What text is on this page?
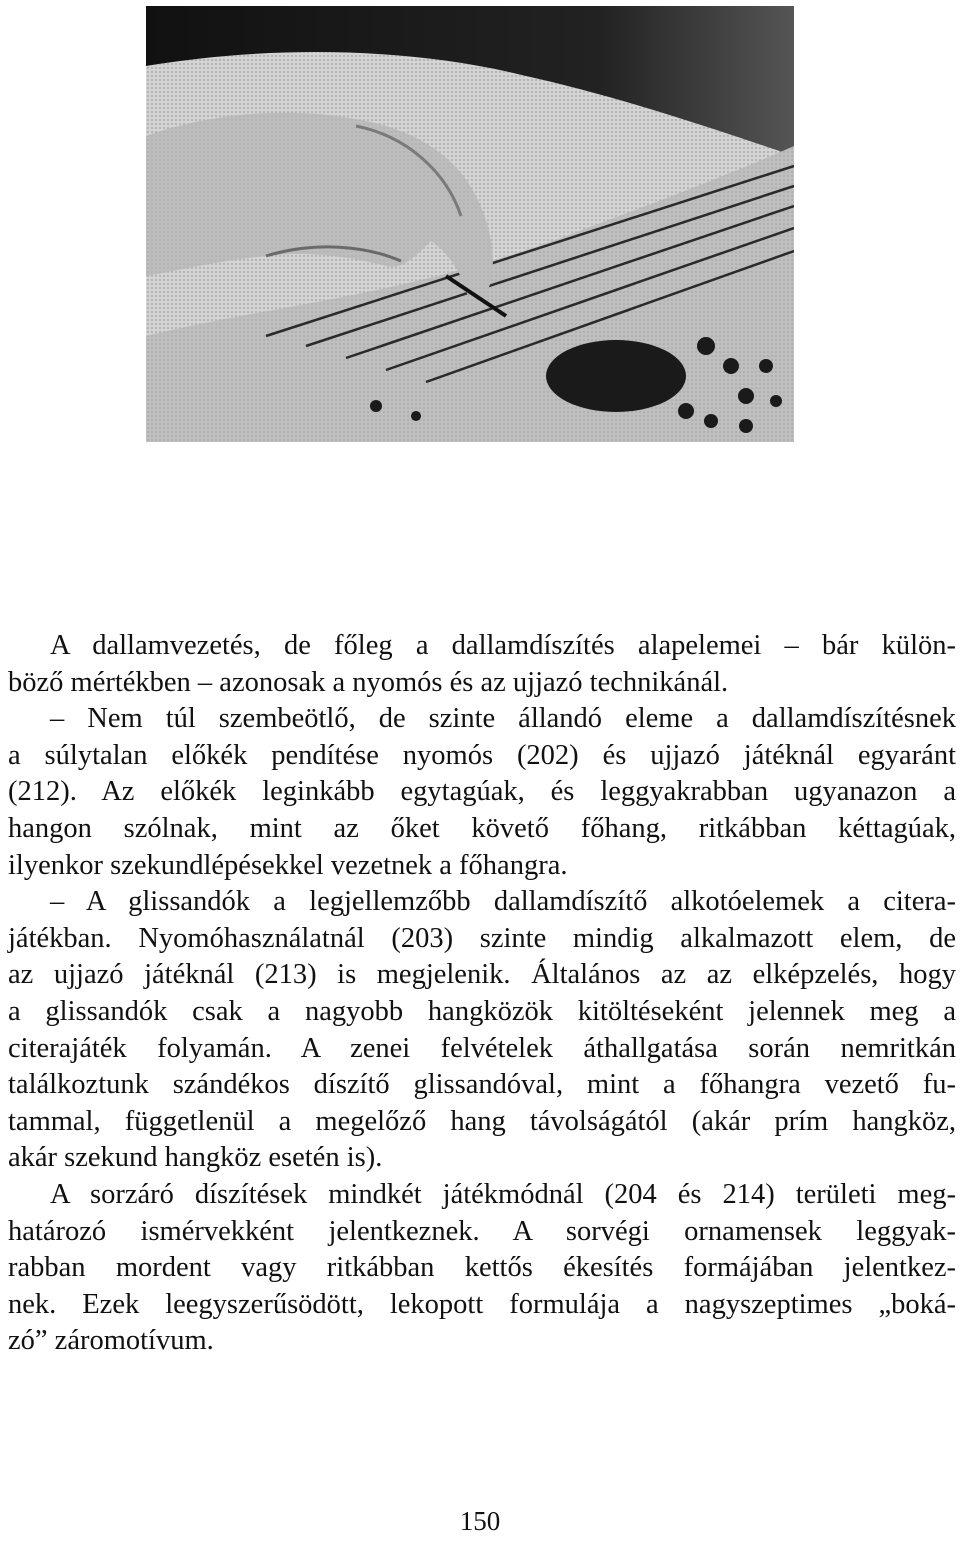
A dallamvezetés, de főleg a dallamdíszítés alapelemei – bár külön-
böző mértékben – azonosak a nyomós és az ujjazó technikánál.

– Nem túl szembeötlő, de szinte állandó eleme a dallamdíszítésnek
a súlytalan előkék pendítése nyomós (202) és ujjazó játéknál egyaránt
(212). Az előkék leginkább egytagúak, és leggyakrabban ugyanazon a
hangon szólnak, mint az őket követő főhang, ritkábban kéttagúak,
ilyenkor szekundlépésekkel vezetnek a főhangra.

– A glissandók a legjellemzőbb dallamdíszítő alkotóelemek a citera-
játékban. Nyomóhasználatnál (203) szinte mindig alkalmazott elem, de
az ujjazó játéknál (213) is megjelenik. Általános az az elképzelés, hogy
a glissandók csak a nagyobb hangközök kitöltéseként jelennek meg a
citerajáték folyamán. A zenei felvételek áthallgatása során nemritkán
találkoztunk szándékos díszítő glissandóval, mint a főhangra vezető fu-
tammal, függetlenül a megelőző hang távolságától (akár prím hangköz,
akár szekund hangköz esetén is).

A sorzáró díszítések mindkét játékmódnál (204 és 214) területi meg-
határozó ismérvekként jelentkeznek. A sorvégi ornamensek leggyak-
rabban mordent vagy ritkábban kettős ékesítés formájában jelentkez-
nek. Ezek leegyszerűsödött, lekopott formulája a nagyszeptimes „boká-
zó” záromotívum.

150
